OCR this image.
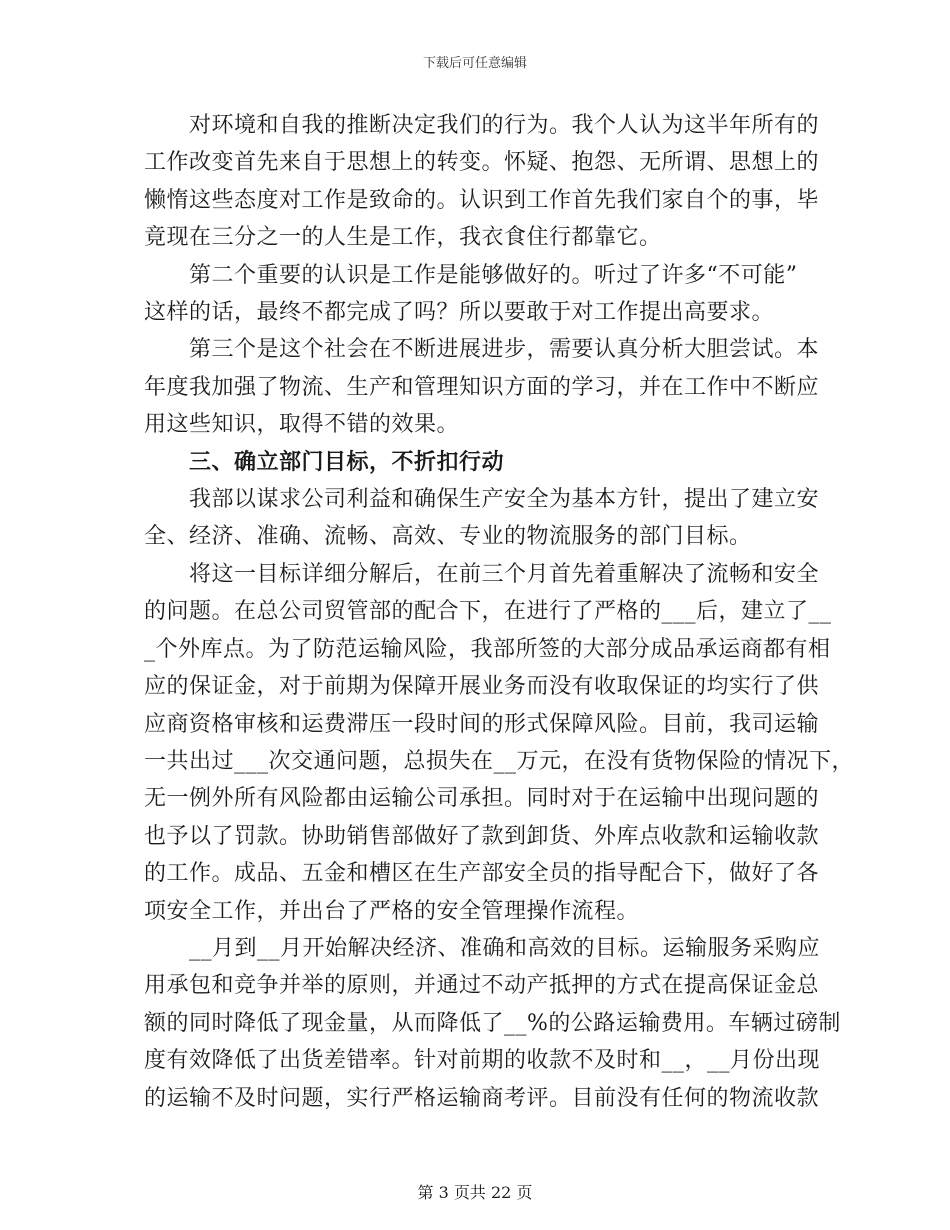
下载后可任意编辑

对环境和自我的推断决定我们的行为。我个人认为这半年所有的
工作改变首先来自于思想上的转变。怀疑、抱怨、无所谓、思想上的
懒惰这些态度对工作是致命的。认识到工作首先我们家自个的事，毕
竟现在三分之一的人生是工作，我衣食住行都靠它。

第二个重要的认识是工作是能够做好的。听过了许多“不可能”
这样的话，最终不都完成了吗？所以要敢于对工作提出高要求。

第三个是这个社会在不断进展进步，需要认真分析大胆尝试。本
年度我加强了物流、生产和管理知识方面的学习，并在工作中不断应
用这些知识，取得不错的效果。

三、确立部门目标，不折扣行动

我部以谋求公司利益和确保生产安全为基本方针，提出了建立安
全、经济、准确、流畅、高效、专业的物流服务的部门目标。

将这一目标详细分解后，在前三个月首先着重解决了流畅和安全
的问题。在总公司贸管部的配合下，在进行了严格的___后，建立了__
_个外库点。为了防范运输风险，我部所签的大部分成品承运商都有相
应的保证金，对于前期为保障开展业务而没有收取保证的均实行了供
应商资格审核和运费滞压一段时间的形式保障风险。目前，我司运输
一共出过___次交通问题，总损失在__万元，在没有货物保险的情况下，
无一例外所有风险都由运输公司承担。同时对于在运输中出现问题的
也予以了罚款。协助销售部做好了款到卸货、外库点收款和运输收款
的工作。成品、五金和槽区在生产部安全员的指导配合下，做好了各
项安全工作，并出台了严格的安全管理操作流程。

__月到__月开始解决经济、准确和高效的目标。运输服务采购应
用承包和竞争并举的原则，并通过不动产抵押的方式在提高保证金总
额的同时降低了现金量，从而降低了__%的公路运输费用。车辆过磅制
度有效降低了出货差错率。针对前期的收款不及时和__，__月份出现
的运输不及时问题，实行严格运输商考评。目前没有任何的物流收款

第 3 页共 22 页
